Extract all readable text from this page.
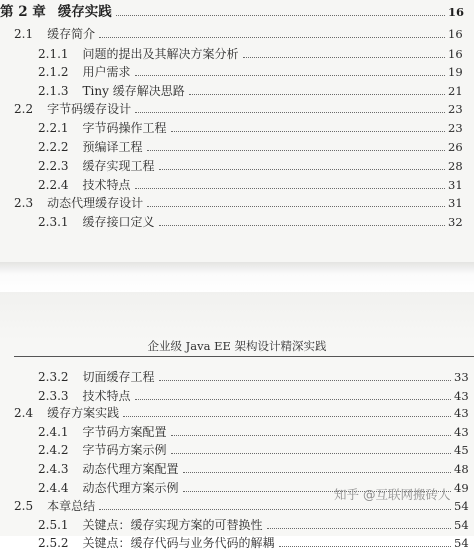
第 2 章 缓存实践	16
2.1 缓存简介	16
2.1.1 问题的提出及其解决方案分析	16
2.1.2 用户需求	19
2.1.3 Tiny 缓存解决思路	21
2.2 字节码缓存设计	23
2.2.1 字节码操作工程	23
2.2.2 预编译工程	26
2.2.3 缓存实现工程	28
2.2.4 技术特点	31
2.3 动态代理缓存设计	31
2.3.1 缓存接口定义	32
企业级 Java EE 架构设计精深实践
2.3.2 切面缓存工程	33
2.3.3 技术特点	43
2.4 缓存方案实践	43
2.4.1 字节码方案配置	43
2.4.2 字节码方案示例	45
2.4.3 动态代理方案配置	48
2.4.4 动态代理方案示例	49
2.5 本章总结	54
2.5.1 关键点：缓存实现方案的可替换性	54
2.5.2 关键点：缓存代码与业务代码的解耦	54
知乎 @互联网搬砖人
